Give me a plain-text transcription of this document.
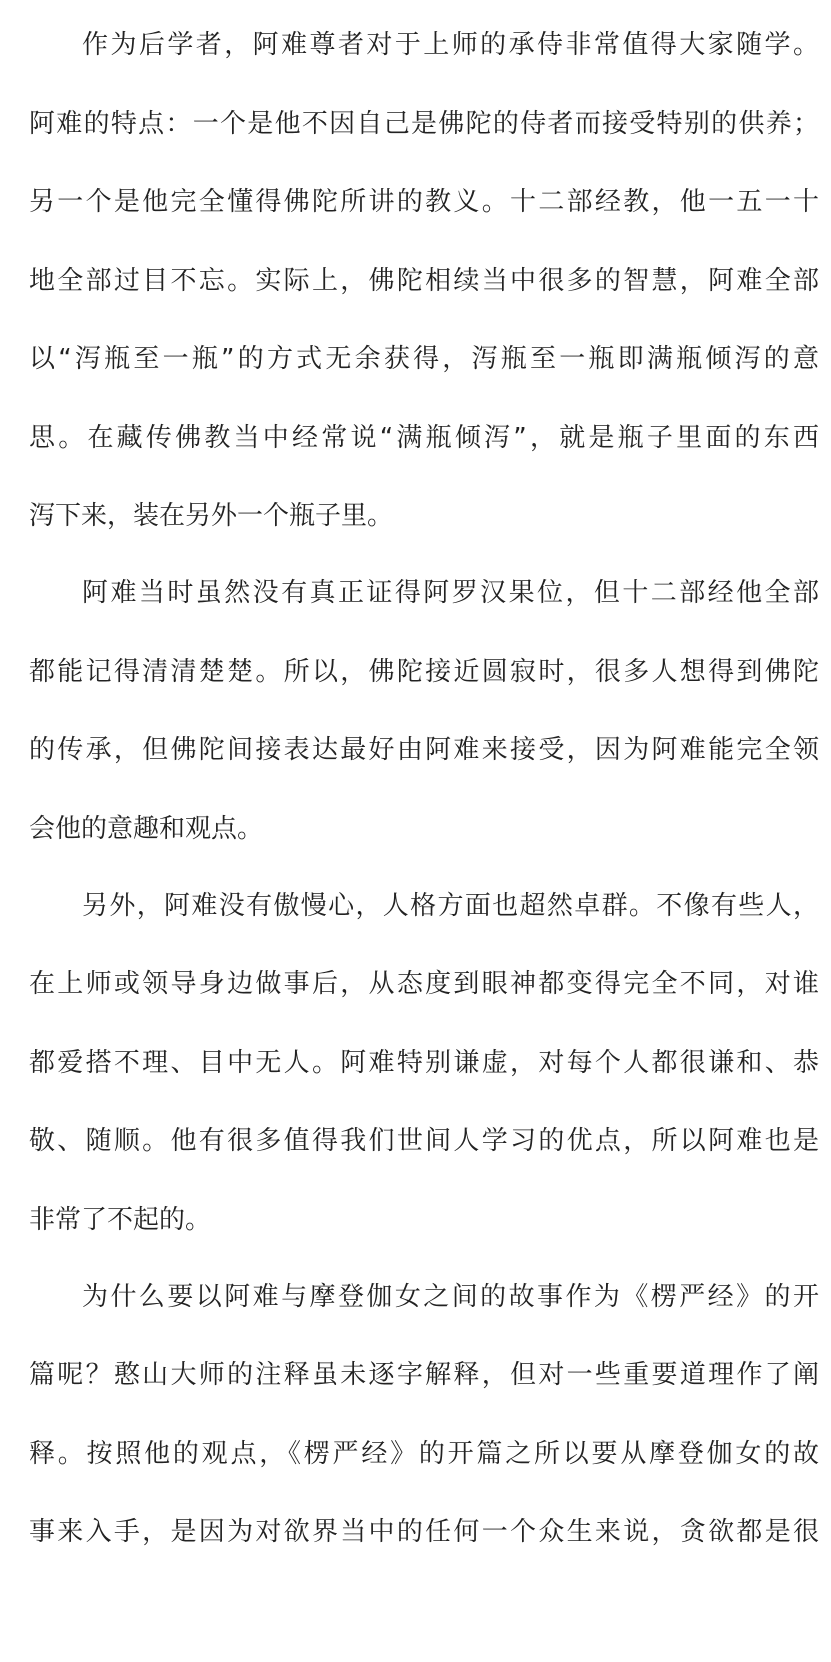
作为后学者，阿难尊者对于上师的承侍非常值得大家随学。
阿难的特点：一个是他不因自己是佛陀的侍者而接受特别的供养；
另一个是他完全懂得佛陀所讲的教义。十二部经教，他一五一十
地全部过目不忘。实际上，佛陀相续当中很多的智慧，阿难全部
以“泻瓶至一瓶”的方式无余获得，泻瓶至一瓶即满瓶倾泻的意
思。在藏传佛教当中经常说“满瓶倾泻”，就是瓶子里面的东西
泻下来，装在另外一个瓶子里。
阿难当时虽然没有真正证得阿罗汉果位，但十二部经他全部
都能记得清清楚楚。所以，佛陀接近圆寂时，很多人想得到佛陀
的传承，但佛陀间接表达最好由阿难来接受，因为阿难能完全领
会他的意趣和观点。
另外，阿难没有傲慢心，人格方面也超然卓群。不像有些人，
在上师或领导身边做事后，从态度到眼神都变得完全不同，对谁
都爱搭不理、目中无人。阿难特别谦虚，对每个人都很谦和、恭
敬、随顺。他有很多值得我们世间人学习的优点，所以阿难也是
非常了不起的。
为什么要以阿难与摩登伽女之间的故事作为《楞严经》的开
篇呢？憨山大师的注释虽未逐字解释，但对一些重要道理作了阐
释。按照他的观点，《楞严经》的开篇之所以要从摩登伽女的故
事来入手，是因为对欲界当中的任何一个众生来说，贪欲都是很
